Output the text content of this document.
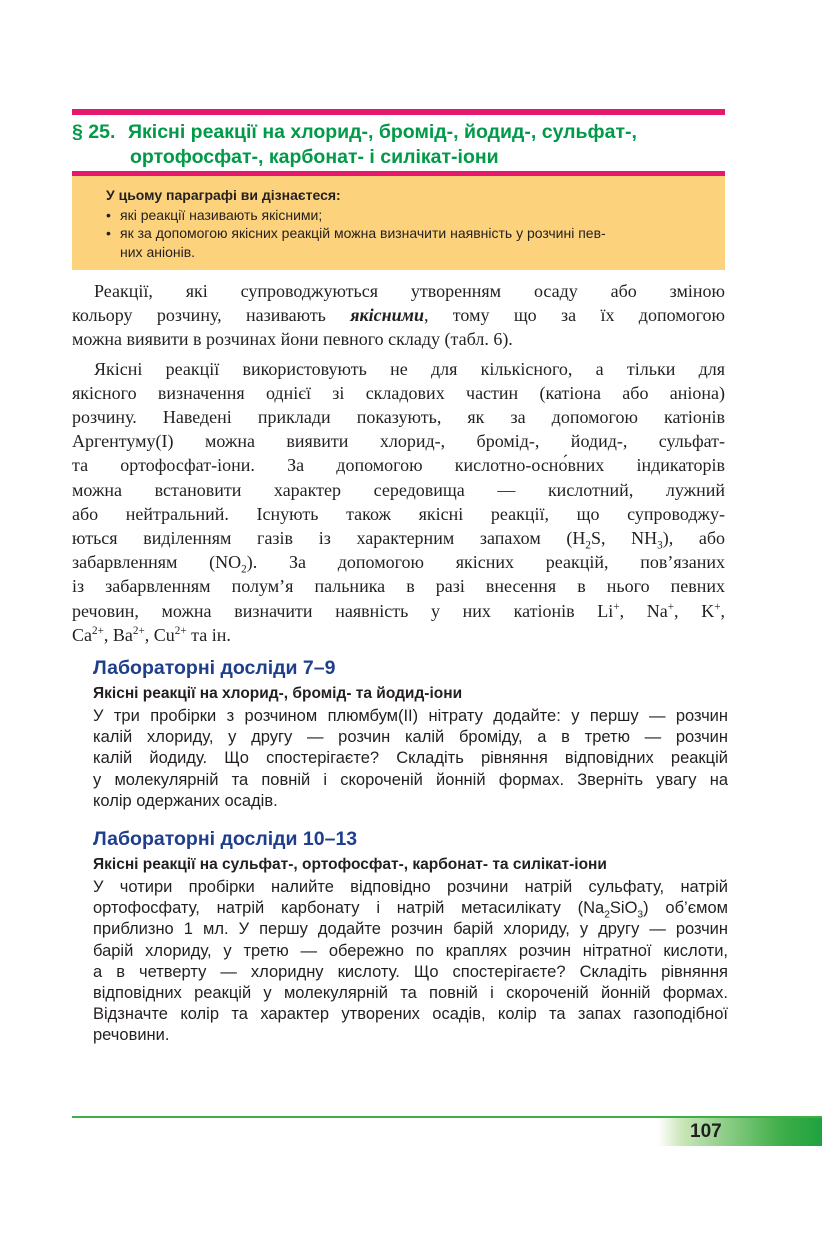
§ 25. Якісні реакції на хлорид-, бромід-, йодид-, сульфат-,
ортофосфат-, карбонат- і силікат-іони
У цьому параграфі ви дізнаєтеся:
• які реакції називають якісними;
• як за допомогою якісних реакцій можна визначити наявність у розчині пев-
них аніонів.

Реакції, які супроводжуються утворенням осаду або зміною
кольору розчину, називають якісними, тому що за їх допомогою
можна виявити в розчинах йони певного складу (табл. 6).

Якісні реакції використовують не для кількісного, а тільки для
якісного визначення однієї зі складових частин (катіона або аніона)
розчину. Наведені приклади показують, як за допомогою катіонів
Аргентуму(I) можна виявити хлорид-, бромід-, йодид-, сульфат-
та ортофосфат-іони. За допомогою кислотно-осно́вних індикаторів
можна встановити характер середовища — кислотний, лужний
або нейтральний. Існують також якісні реакції, що супроводжу-
ються виділенням газів із характерним запахом ($H_2S$, $NH_3$), або
забарвленням $(NO_2)$. За допомогою якісних реакцій, пов’язаних
із забарвленням полум’я пальника в разі внесення в нього певних
речовин, можна визначити наявність у них катіонів Li+, Na+, K+,
$Ca^{2+}$, $Ba^{2+}$, $Cu^{2+}$ та ін.

Лабораторні досліди 7–9
Якісні реакції на хлорид-, бромід- та йодид-іони
У три пробірки з розчином плюмбум(II) нітрату додайте: у першу — розчин
калій хлориду, у другу — розчин калій броміду, а в третю — розчин
калій йодиду. Що спостерігаєте? Складіть рівняння відповідних реакцій
у молекулярній та повній і скороченій йонній формах. Зверніть увагу на
колір одержаних осадів.
Лабораторні досліди 10–13
Якісні реакції на сульфат-, ортофосфат-, карбонат- та силікат-іони
У чотири пробірки налийте відповідно розчини натрій сульфату, натрій
ортофосфату, натрій карбонату і натрій метасилікату $(Na_2SiO_3)$ об’ємом
приблизно 1 мл. У першу додайте розчин барій хлориду, у другу — розчин
барій хлориду, у третю — обережно по краплях розчин нітратної кислоти,
а в четверту — хлоридну кислоту. Що спостерігаєте? Складіть рівняння
відповідних реакцій у молекулярній та повній і скороченій йонній формах.
Відзначте колір та характер утворених осадів, колір та запах газоподібної
речовини.
107
